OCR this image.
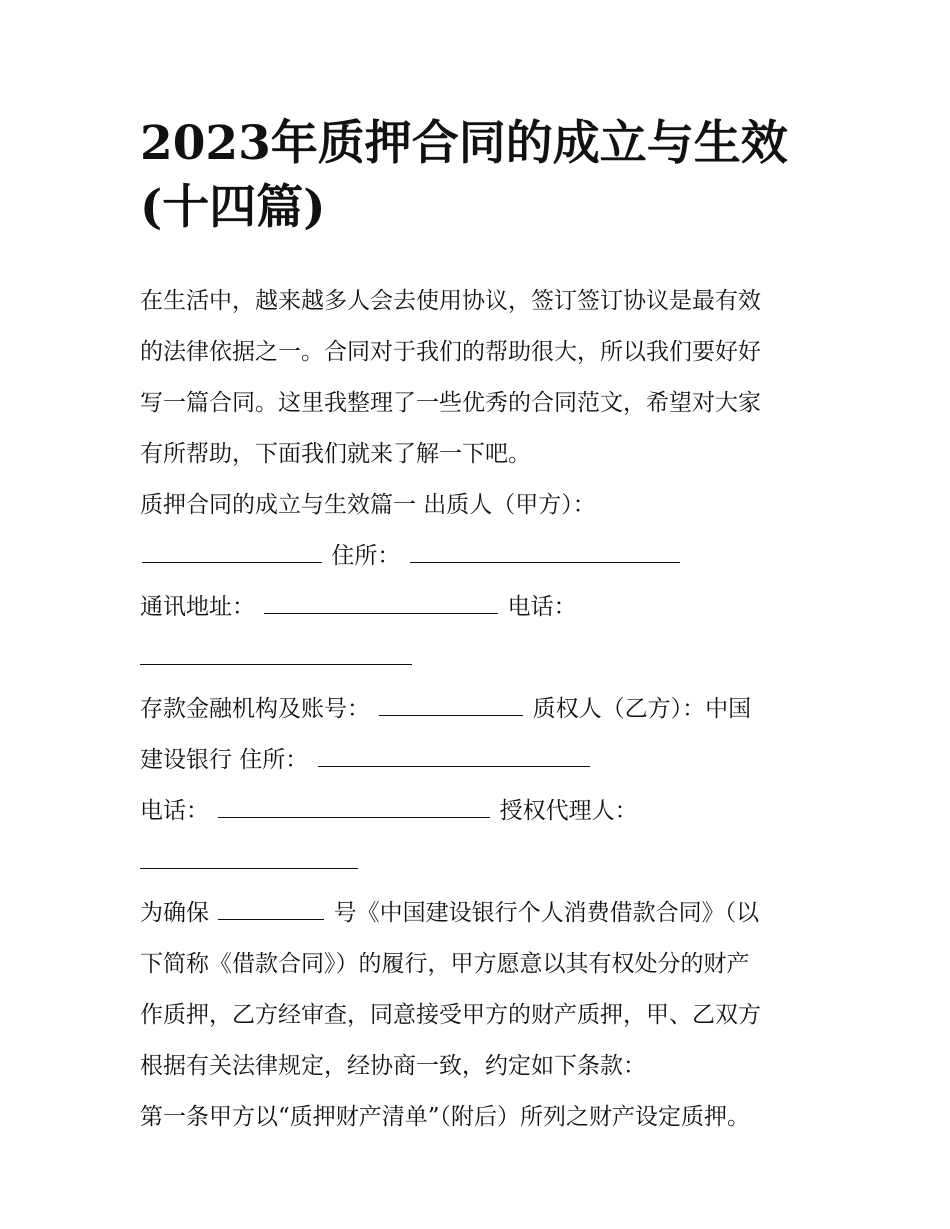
2023年质押合同的成立与生效
(十四篇)
在生活中，越来越多人会去使用协议，签订签订协议是最有效
的法律依据之一。合同对于我们的帮助很大，所以我们要好好
写一篇合同。这里我整理了一些优秀的合同范文，希望对大家
有所帮助，下面我们就来了解一下吧。
质押合同的成立与生效篇一 出质人（甲方）：
住所：
通讯地址：	电话：
存款金融机构及账号：	质权人（乙方）：中国
建设银行 住所：
电话：	授权代理人：
为确保	号《中国建设银行个人消费借款合同》（以
下简称《借款合同》）的履行，甲方愿意以其有权处分的财产
作质押，乙方经审查，同意接受甲方的财产质押，甲、乙双方
根据有关法律规定，经协商一致，约定如下条款：
第一条甲方以“质押财产清单”（附后）所列之财产设定质押。
